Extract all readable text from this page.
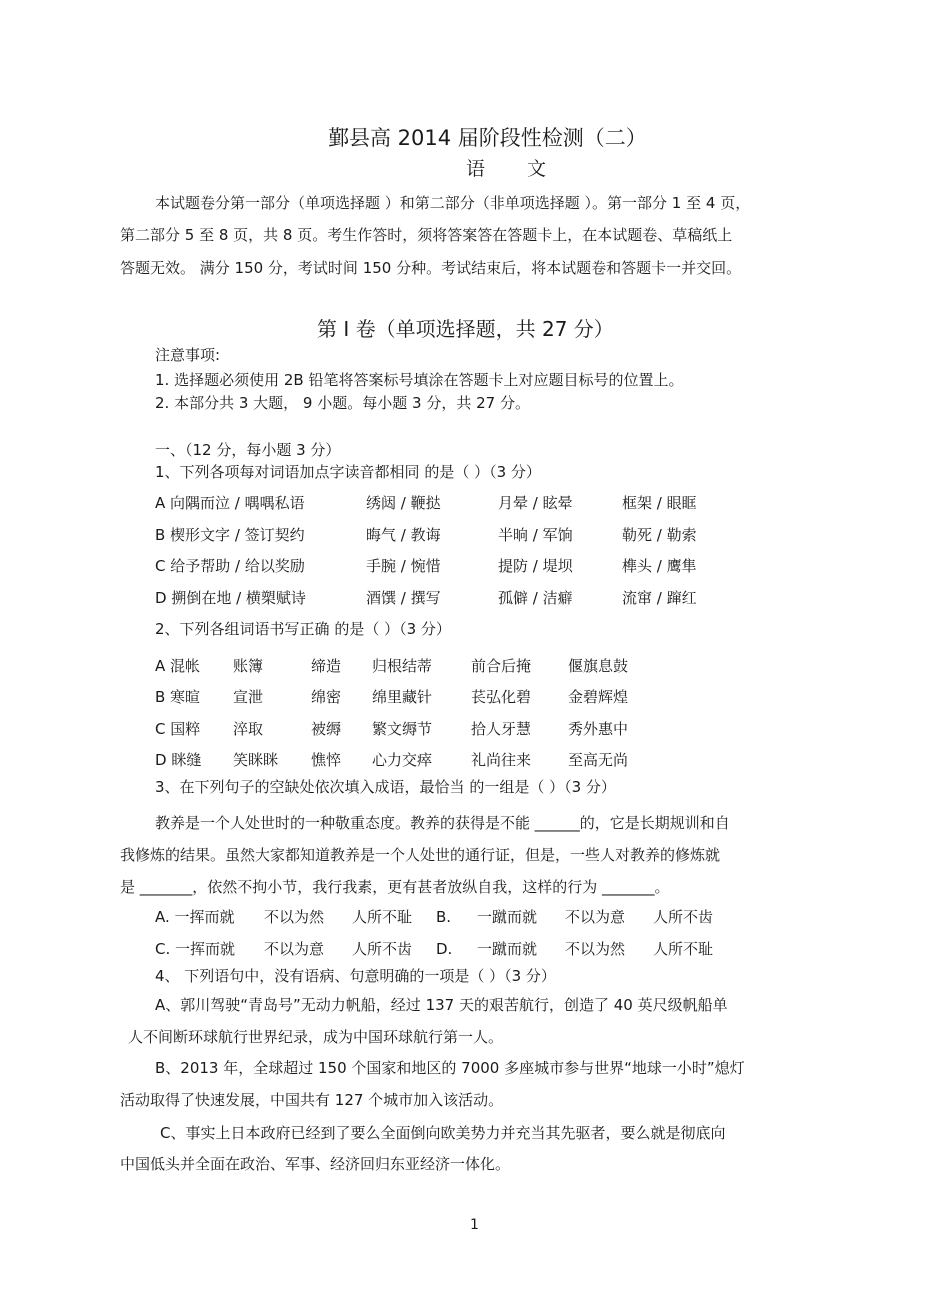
鄞县高 2014 届阶段性检测（二）
语 文
本试题卷分第一部分（单项选择题 ）和第二部分（非单项选择题 ）。第一部分 1 至 4 页，
第二部分 5 至 8 页，共 8 页。考生作答时，须将答案答在答题卡上，在本试题卷、草稿纸上
答题无效。 满分 150 分，考试时间 150 分种。考试结束后，将本试题卷和答题卡一并交回。
第 Ⅰ 卷（单项选择题，共 27 分）
注意事项:
1. 选择题必须使用 2B 铅笔将答案标号填涂在答题卡上对应题目标号的位置上。
2. 本部分共 3 大题， 9 小题。每小题 3 分，共 27 分。
一、（12 分，每小题 3 分）
1、下列各项每对词语加点字读音都相同 的是（ ）（3 分）
A 向隅而泣 / 喁喁私语	绣闼 / 鞭挞	月晕 / 眩晕	框架 / 眼眶
B 楔形文字 / 签订契约	晦气 / 教诲	半晌 / 军饷	勒死 / 勒索
C 给予帮助 / 给以奖励	手腕 / 惋惜	提防 / 堤坝	榫头 / 鹰隼
D 搠倒在地 / 横槊赋诗	酒馔 / 撰写	孤僻 / 洁癖	流窜 / 蹿红
2、下列各组词语书写正确 的是（ ）（3 分）
A 混帐 账簿	缔造 归根结蒂	前合后掩 偃旗息鼓
B 寒暄 宣泄	绵密 绵里藏针	苌弘化碧 金碧辉煌
C 国粹 淬取	被缛 繁文缛节	拾人牙慧 秀外惠中
D 眯缝 笑眯眯 憔悴 心力交瘁	礼尚往来 至高无尚
3、在下列句子的空缺处依次填入成语，最恰当 的一组是（ ）（3 分）
教养是一个人处世时的一种敬重态度。教养的获得是不能 ______的，它是长期规训和自
我修炼的结果。虽然大家都知道教养是一个人处世的通行证，但是，一些人对教养的修炼就
是 _______，依然不拘小节，我行我素，更有甚者放纵自我，这样的行为 _______。
A. 一挥而就 不以为然 人所不耻 B. 一蹴而就 不以为意 人所不齿
C. 一挥而就 不以为意 人所不齿 D. 一蹴而就 不以为然 人所不耻
4、 下列语句中，没有语病、句意明确的一项是（ ）（3 分）
A、郭川驾驶“青岛号”无动力帆船，经过 137 天的艰苦航行，创造了 40 英尺级帆船单
人不间断环球航行世界纪录，成为中国环球航行第一人。
B、2013 年，全球超过 150 个国家和地区的 7000 多座城市参与世界“地球一小时”熄灯
活动取得了快速发展，中国共有 127 个城市加入该活动。
C、事实上日本政府已经到了要么全面倒向欧美势力并充当其先驱者，要么就是彻底向
中国低头并全面在政治、军事、经济回归东亚经济一体化。
1
